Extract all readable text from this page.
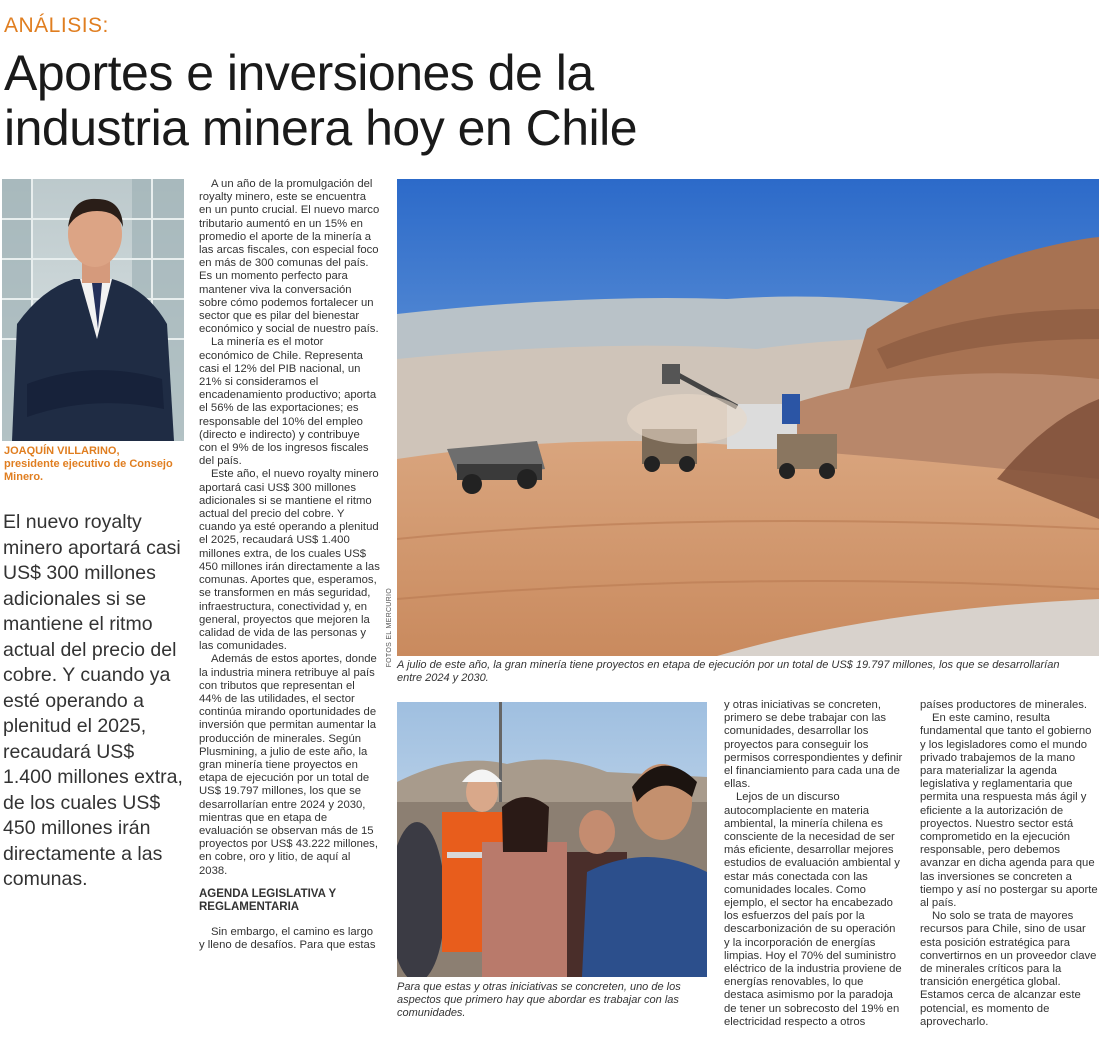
ANÁLISIS:
Aportes e inversiones de la industria minera hoy en Chile
JOAQUÍN VILLARINO,
presidente ejecutivo de Consejo Minero.
El nuevo royalty minero aportará casi US$ 300 millones adicionales si se mantiene el ritmo actual del precio del cobre. Y cuando ya esté operando a plenitud el 2025, recaudará US$ 1.400 millones extra, de los cuales US$ 450 millones irán directamente a las comunas.

A un año de la promulgación del royalty minero, este se encuentra en un punto crucial. El nuevo marco tributario aumentó en un 15% en promedio el aporte de la minería a las arcas fiscales, con especial foco en más de 300 comunas del país. Es un momento perfecto para mantener viva la conversación sobre cómo podemos fortalecer un sector que es pilar del bienestar económico y social de nuestro país.

La minería es el motor económico de Chile. Representa casi el 12% del PIB nacional, un 21% si consideramos el encadenamiento productivo; aporta el 56% de las exportaciones; es responsable del 10% del empleo (directo e indirecto) y contribuye con el 9% de los ingresos fiscales del país.

Este año, el nuevo royalty minero aportará casi US$ 300 millones adicionales si se mantiene el ritmo actual del precio del cobre. Y cuando ya esté operando a plenitud el 2025, recaudará US$ 1.400 millones extra, de los cuales US$ 450 millones irán directamente a las comunas. Aportes que, esperamos, se transformen en más seguridad, infraestructura, conectividad y, en general, proyectos que mejoren la calidad de vida de las personas y las comunidades.

Además de estos aportes, donde la industria minera retribuye al país con tributos que representan el 44% de las utilidades, el sector continúa mirando oportunidades de inversión que permitan aumentar la producción de minerales. Según Plusmining, a julio de este año, la gran minería tiene proyectos en etapa de ejecución por un total de US$ 19.797 millones, los que se desarrollarían entre 2024 y 2030, mientras que en etapa de evaluación se observan más de 15 proyectos por US$ 43.222 millones, en cobre, oro y litio, de aquí al 2038.

AGENDA LEGISLATIVA Y REGLAMENTARIA

Sin embargo, el camino es largo y lleno de desafíos. Para que estas

FOTOS EL MERCURIO A julio de este año, la gran minería tiene proyectos en etapa de ejecución por un total de US$ 19.797 millones, los que se desarrollarían entre 2024 y 2030.
Para que estas y otras iniciativas se concreten, uno de los aspectos que primero hay que abordar es trabajar con las comunidades.

y otras iniciativas se concreten, primero se debe trabajar con las comunidades, desarrollar los proyectos para conseguir los permisos correspondientes y definir el financiamiento para cada una de ellas.

Lejos de un discurso autocomplaciente en materia ambiental, la minería chilena es consciente de la necesidad de ser más eficiente, desarrollar mejores estudios de evaluación ambiental y estar más conectada con las comunidades locales. Como ejemplo, el sector ha encabezado los esfuerzos del país por la descarbonización de su operación y la incorporación de energías limpias. Hoy el 70% del suministro eléctrico de la industria proviene de energías renovables, lo que destaca asimismo por la paradoja de tener un sobrecosto del 19% en electricidad respecto a otros

países productores de minerales.

En este camino, resulta fundamental que tanto el gobierno y los legisladores como el mundo privado trabajemos de la mano para materializar la agenda legislativa y reglamentaria que permita una respuesta más ágil y eficiente a la autorización de proyectos. Nuestro sector está comprometido en la ejecución responsable, pero debemos avanzar en dicha agenda para que las inversiones se concreten a tiempo y así no postergar su aporte al país.

No solo se trata de mayores recursos para Chile, sino de usar esta posición estratégica para convertirnos en un proveedor clave de minerales críticos para la transición energética global. Estamos cerca de alcanzar este potencial, es momento de aprovecharlo.
